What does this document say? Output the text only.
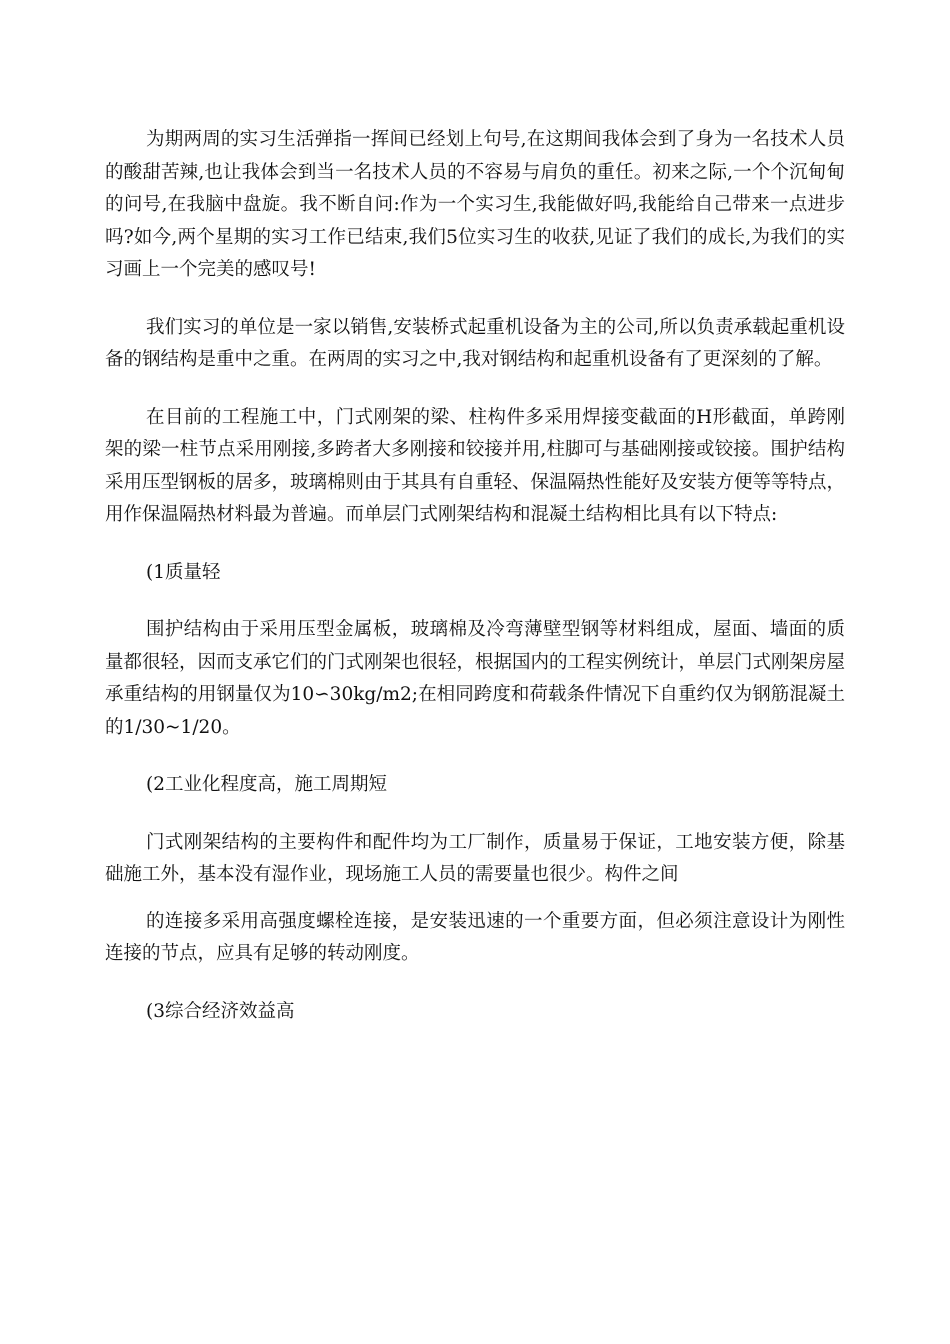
为期两周的实习生活弹指一挥间已经划上句号,在这期间我体会到了身为一名技术人员的酸甜苦辣,也让我体会到当一名技术人员的不容易与肩负的重任。初来之际,一个个沉甸甸的问号,在我脑中盘旋。我不断自问:作为一个实习生,我能做好吗,我能给自己带来一点进步吗?如今,两个星期的实习工作已结束,我们5位实习生的收获,见证了我们的成长,为我们的实习画上一个完美的感叹号!

我们实习的单位是一家以销售,安装桥式起重机设备为主的公司,所以负责承载起重机设备的钢结构是重中之重。在两周的实习之中,我对钢结构和起重机设备有了更深刻的了解。

在目前的工程施工中，门式刚架的梁、柱构件多采用焊接变截面的H形截面，单跨刚架的梁一柱节点采用刚接,多跨者大多刚接和铰接并用,柱脚可与基础刚接或铰接。围护结构采用压型钢板的居多，玻璃棉则由于其具有自重轻、保温隔热性能好及安装方便等等特点，用作保温隔热材料最为普遍。而单层门式刚架结构和混凝土结构相比具有以下特点:

(1质量轻

围护结构由于采用压型金属板，玻璃棉及冷弯薄壁型钢等材料组成，屋面、墙面的质量都很轻，因而支承它们的门式刚架也很轻，根据国内的工程实例统计，单层门式刚架房屋承重结构的用钢量仅为10∽30kg/m2;在相同跨度和荷载条件情况下自重约仅为钢筋混凝土的1/30~1/20。

(2工业化程度高，施工周期短

门式刚架结构的主要构件和配件均为工厂制作，质量易于保证，工地安装方便，除基础施工外，基本没有湿作业，现场施工人员的需要量也很少。构件之间

的连接多采用高强度螺栓连接，是安装迅速的一个重要方面，但必须注意设计为刚性连接的节点，应具有足够的转动刚度。

(3综合经济效益高
